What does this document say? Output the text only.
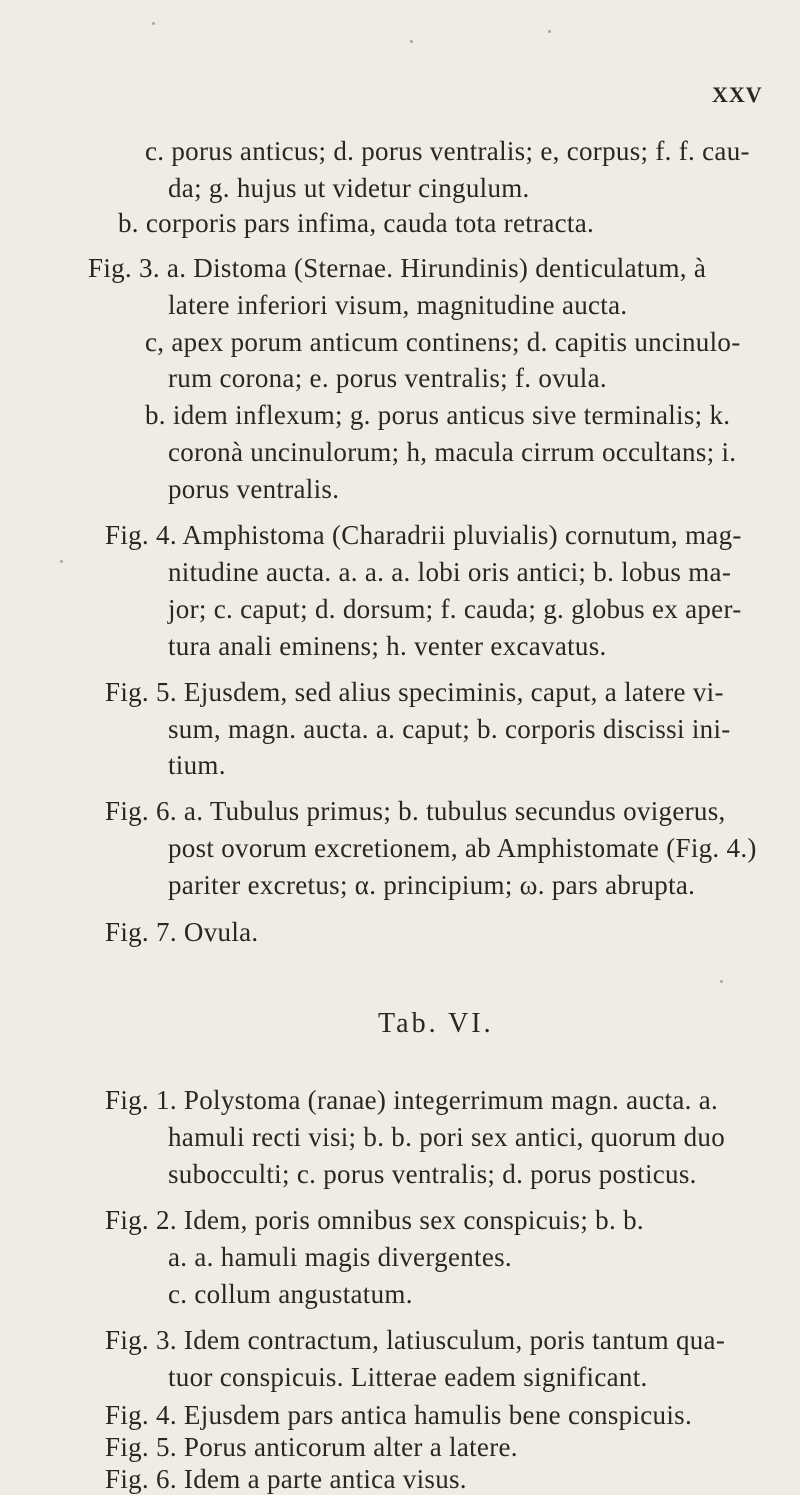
XXV
c. porus anticus; d. porus ventralis; e, corpus; f. f. cau-
da; g. hujus ut videtur cingulum.
b. corporis pars infima, cauda tota retracta.
Fig. 3. a. Distoma (Sternae. Hirundinis) denticulatum, à
latere inferiori visum, magnitudine aucta.
c, apex porum anticum continens; d. capitis uncinulo-
rum corona; e. porus ventralis; f. ovula.
b. idem inflexum; g. porus anticus sive terminalis; k.
coronà uncinulorum; h, macula cirrum occultans; i.
porus ventralis.
Fig. 4. Amphistoma (Charadrii pluvialis) cornutum, mag-
nitudine aucta. a. a. a. lobi oris antici; b. lobus ma-
jor; c. caput; d. dorsum; f. cauda; g. globus ex aper-
tura anali eminens; h. venter excavatus.
Fig. 5. Ejusdem, sed alius speciminis, caput, a latere vi-
sum, magn. aucta. a. caput; b. corporis discissi ini-
tium.
Fig. 6. a. Tubulus primus; b. tubulus secundus ovigerus,
post ovorum excretionem, ab Amphistomate (Fig. 4.)
pariter excretus; α. principium; ω. pars abrupta.
Fig. 7. Ovula.
Tab. VI.
Fig. 1. Polystoma (ranae) integerrimum magn. aucta. a.
hamuli recti visi; b. b. pori sex antici, quorum duo
subocculti; c. porus ventralis; d. porus posticus.
Fig. 2. Idem, poris omnibus sex conspicuis; b. b.
a. a. hamuli magis divergentes.
c. collum angustatum.
Fig. 3. Idem contractum, latiusculum, poris tantum qua-
tuor conspicuis. Litterae eadem significant.
Fig. 4. Ejusdem pars antica hamulis bene conspicuis.
Fig. 5. Porus anticorum alter a latere.
Fig. 6. Idem a parte antica visus.
